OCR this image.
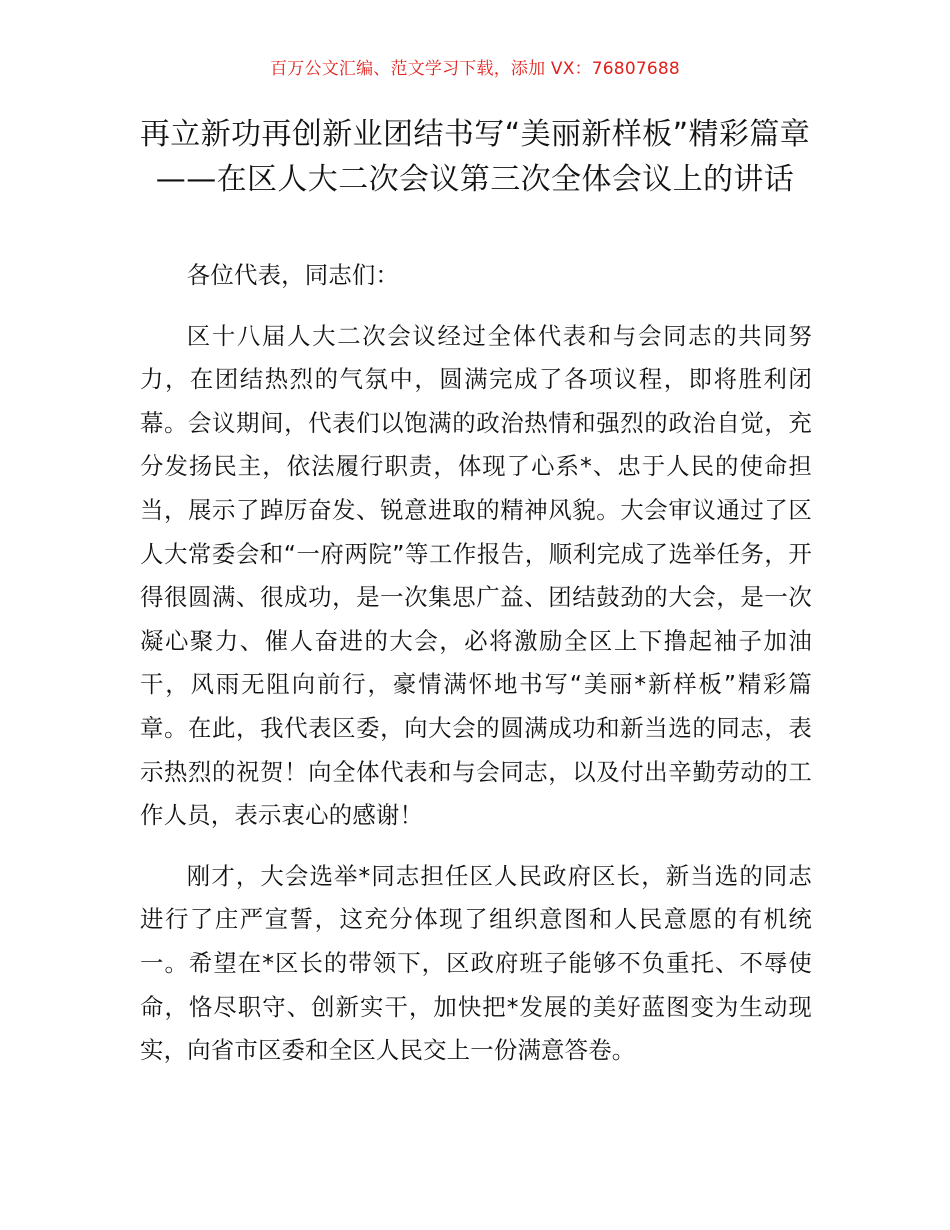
百万公文汇编、范文学习下载，添加 VX：76807688
再立新功再创新业团结书写“美丽新样板”精彩篇章——在区人大二次会议第三次全体会议上的讲话

各位代表，同志们：

区十八届人大二次会议经过全体代表和与会同志的共同努力，在团结热烈的气氛中，圆满完成了各项议程，即将胜利闭幕。会议期间，代表们以饱满的政治热情和强烈的政治自觉，充分发扬民主，依法履行职责，体现了心系*、忠于人民的使命担当，展示了踔厉奋发、锐意进取的精神风貌。大会审议通过了区人大常委会和“一府两院”等工作报告，顺利完成了选举任务，开得很圆满、很成功，是一次集思广益、团结鼓劲的大会，是一次凝心聚力、催人奋进的大会，必将激励全区上下撸起袖子加油干，风雨无阻向前行，豪情满怀地书写“美丽*新样板”精彩篇章。在此，我代表区委，向大会的圆满成功和新当选的同志，表示热烈的祝贺！向全体代表和与会同志，以及付出辛勤劳动的工作人员，表示衷心的感谢！

刚才，大会选举*同志担任区人民政府区长，新当选的同志进行了庄严宣誓，这充分体现了组织意图和人民意愿的有机统一。希望在*区长的带领下，区政府班子能够不负重托、不辱使命，恪尽职守、创新实干，加快把*发展的美好蓝图变为生动现实，向省市区委和全区人民交上一份满意答卷。
